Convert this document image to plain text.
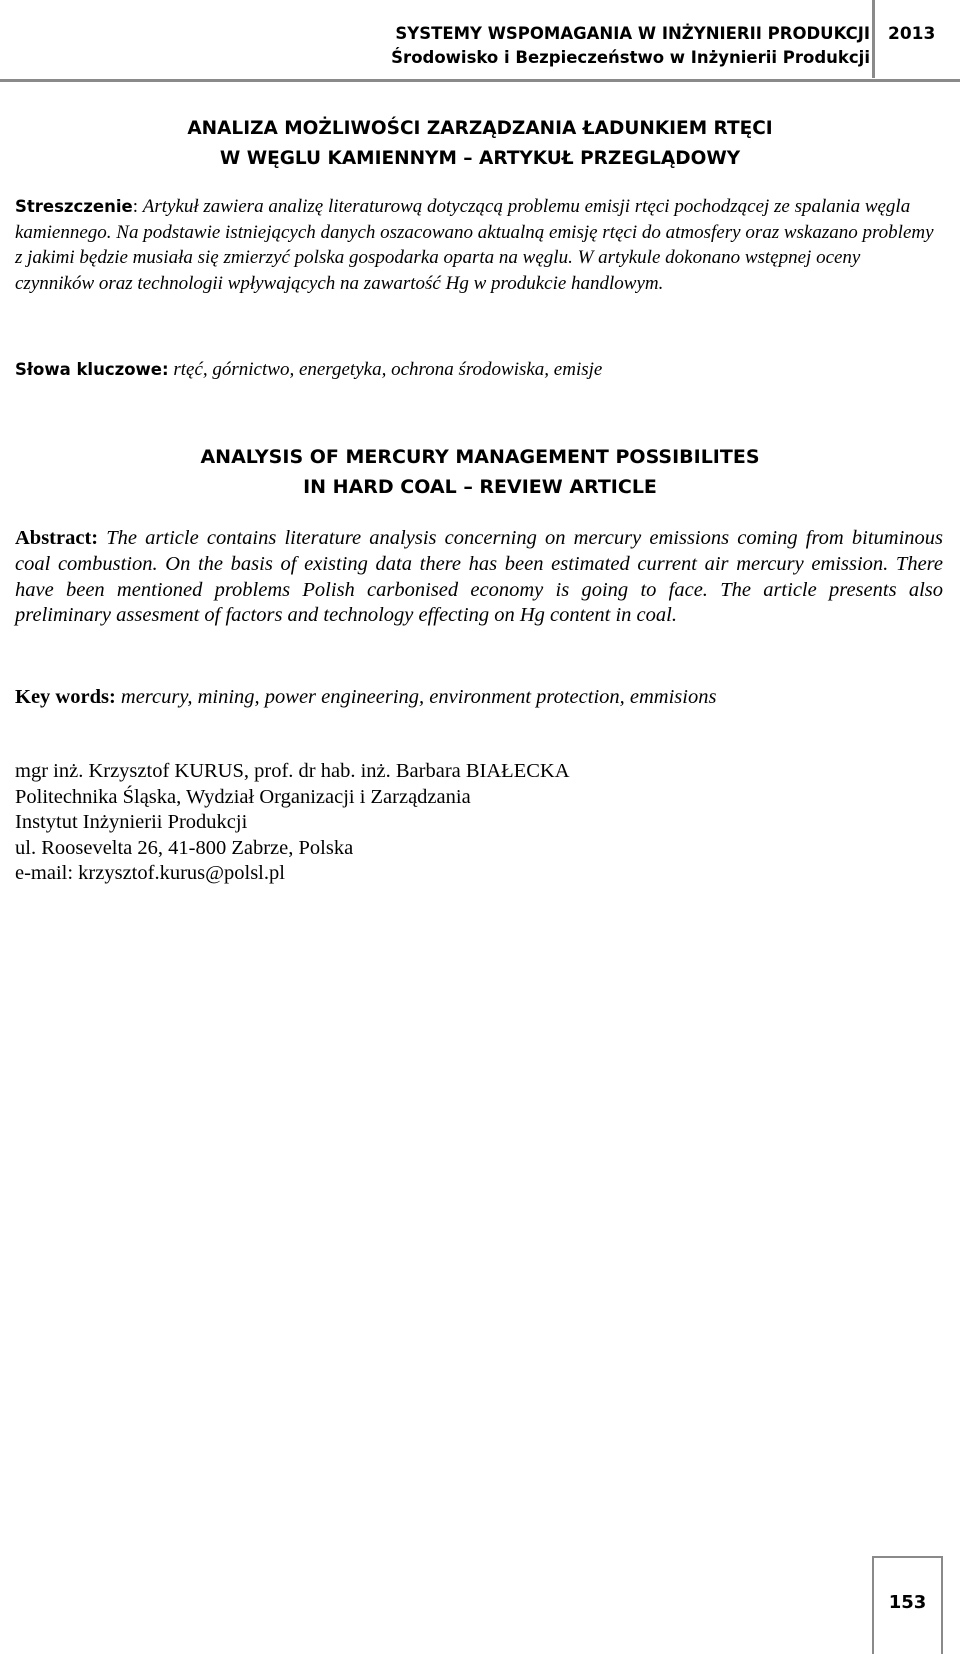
SYSTEMY WSPOMAGANIA W INŻYNIERII PRODUKCJI
Środowisko i Bezpieczeństwo w Inżynierii Produkcji
2013
ANALIZA MOŻLIWOŚCI ZARZĄDZANIA ŁADUNKIEM RTĘCI
W WĘGLU KAMIENNYM – ARTYKUŁ PRZEGLĄDOWY
Streszczenie: Artykuł zawiera analizę literaturową dotyczącą problemu emisji rtęci pochodzącej ze spalania węgla kamiennego. Na podstawie istniejących danych oszacowano aktualną emisję rtęci do atmosfery oraz wskazano problemy z jakimi będzie musiała się zmierzyć polska gospodarka oparta na węglu. W artykule dokonano wstępnej oceny czynników oraz technologii wpływających na zawartość Hg w produkcie handlowym.
Słowa kluczowe: rtęć, górnictwo, energetyka, ochrona środowiska, emisje
ANALYSIS OF MERCURY MANAGEMENT POSSIBILITES
IN HARD COAL – REVIEW ARTICLE
Abstract: The article contains literature analysis concerning on mercury emissions coming from bituminous coal combustion. On the basis of existing data there has been estimated current air mercury emission. There have been mentioned problems Polish carbonised economy is going to face. The article presents also preliminary assesment of factors and technology effecting on Hg content in coal.
Key words: mercury, mining, power engineering, environment protection, emmisions
mgr inż. Krzysztof KURUS, prof. dr hab. inż. Barbara BIAŁECKA
Politechnika Śląska, Wydział Organizacji i Zarządzania
Instytut Inżynierii Produkcji
ul. Roosevelta 26, 41-800 Zabrze, Polska
e-mail: krzysztof.kurus@polsl.pl
153
